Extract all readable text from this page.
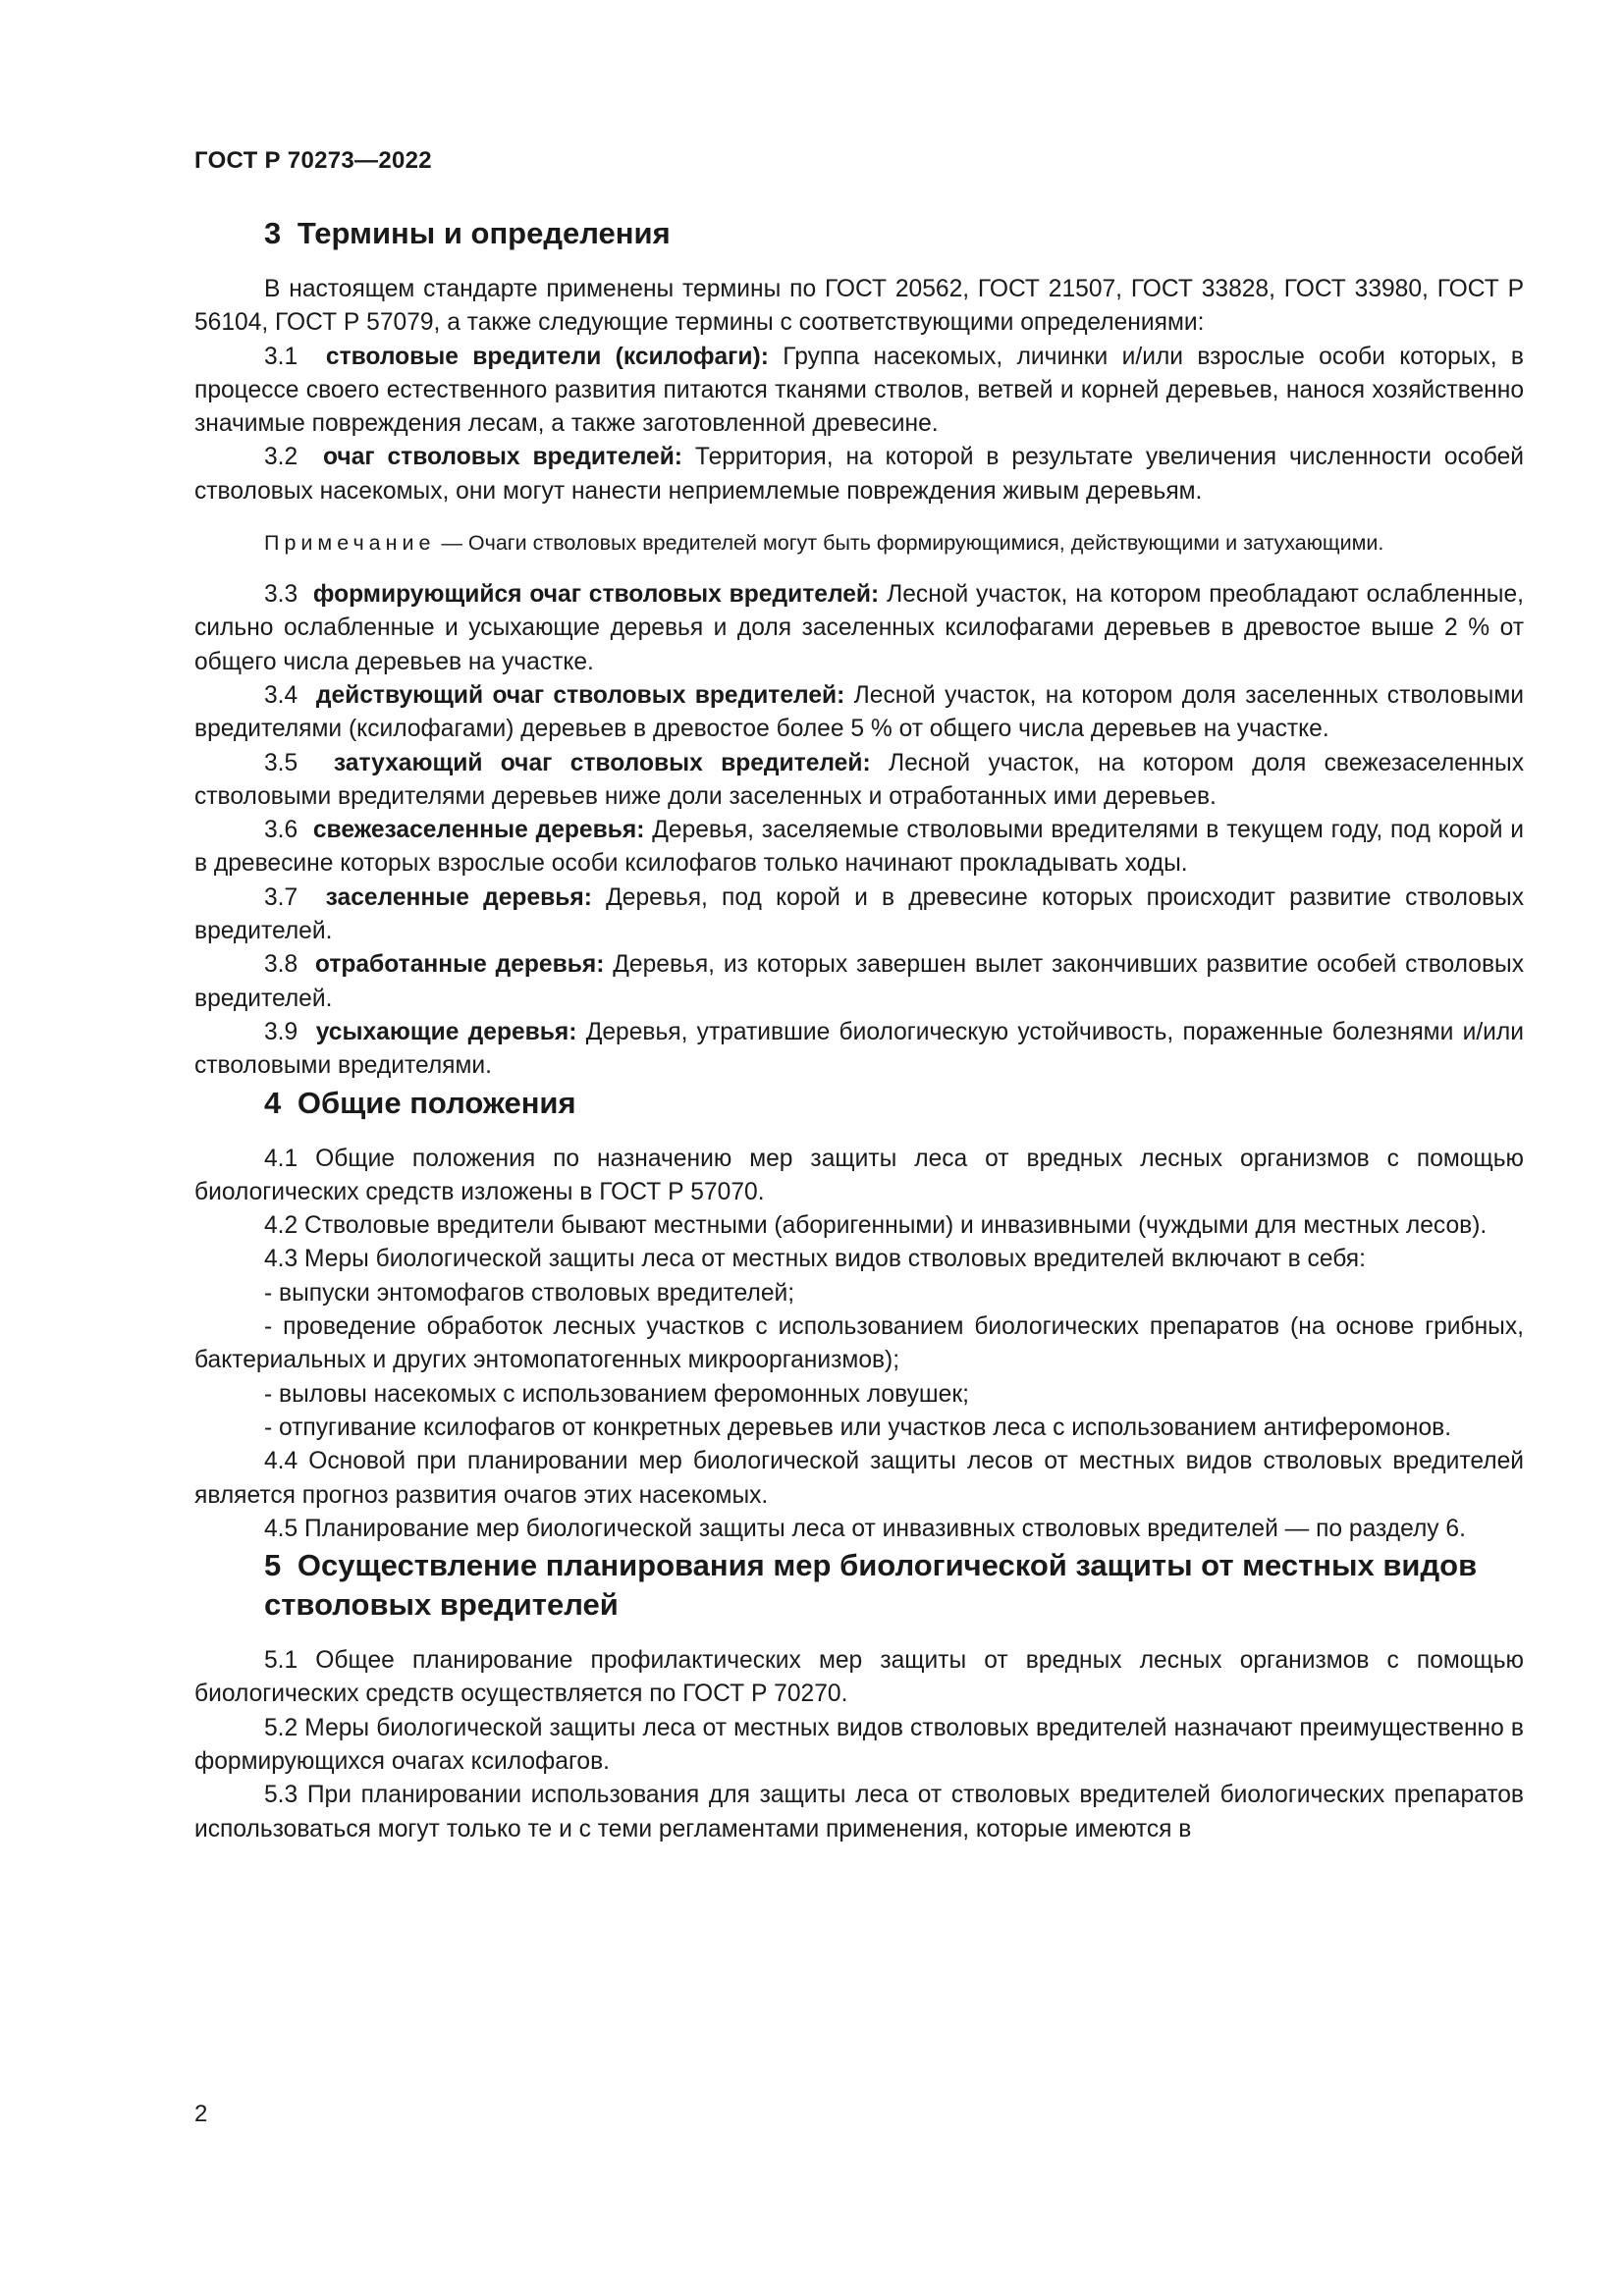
ГОСТ Р 70273—2022
3 Термины и определения

В настоящем стандарте применены термины по ГОСТ 20562, ГОСТ 21507, ГОСТ 33828, ГОСТ 33980, ГОСТ Р 56104, ГОСТ Р 57079, а также следующие термины с соответствующими определениями:

3.1 стволовые вредители (ксилофаги): Группа насекомых, личинки и/или взрослые особи которых, в процессе своего естественного развития питаются тканями стволов, ветвей и корней деревьев, нанося хозяйственно значимые повреждения лесам, а также заготовленной древесине.

3.2 очаг стволовых вредителей: Территория, на которой в результате увеличения численности особей стволовых насекомых, они могут нанести неприемлемые повреждения живым деревьям.

Примечание — Очаги стволовых вредителей могут быть формирующимися, действующими и затухающими.

3.3 формирующийся очаг стволовых вредителей: Лесной участок, на котором преобладают ослабленные, сильно ослабленные и усыхающие деревья и доля заселенных ксилофагами деревьев в древостое выше 2 % от общего числа деревьев на участке.

3.4 действующий очаг стволовых вредителей: Лесной участок, на котором доля заселенных стволовыми вредителями (ксилофагами) деревьев в древостое более 5 % от общего числа деревьев на участке.

3.5 затухающий очаг стволовых вредителей: Лесной участок, на котором доля свежезаселенных стволовыми вредителями деревьев ниже доли заселенных и отработанных ими деревьев.

3.6 свежезаселенные деревья: Деревья, заселяемые стволовыми вредителями в текущем году, под корой и в древесине которых взрослые особи ксилофагов только начинают прокладывать ходы.

3.7 заселенные деревья: Деревья, под корой и в древесине которых происходит развитие стволовых вредителей.

3.8 отработанные деревья: Деревья, из которых завершен вылет закончивших развитие особей стволовых вредителей.

3.9 усыхающие деревья: Деревья, утратившие биологическую устойчивость, пораженные болезнями и/или стволовыми вредителями.

4 Общие положения

4.1 Общие положения по назначению мер защиты леса от вредных лесных организмов с помощью биологических средств изложены в ГОСТ Р 57070.

4.2 Стволовые вредители бывают местными (аборигенными) и инвазивными (чуждыми для местных лесов).

4.3 Меры биологической защиты леса от местных видов стволовых вредителей включают в себя:

- выпуски энтомофагов стволовых вредителей;

- проведение обработок лесных участков с использованием биологических препаратов (на основе грибных, бактериальных и других энтомопатогенных микроорганизмов);

- выловы насекомых с использованием феромонных ловушек;

- отпугивание ксилофагов от конкретных деревьев или участков леса с использованием антиферомонов.

4.4 Основой при планировании мер биологической защиты лесов от местных видов стволовых вредителей является прогноз развития очагов этих насекомых.

4.5 Планирование мер биологической защиты леса от инвазивных стволовых вредителей — по разделу 6.

5 Осуществление планирования мер биологической защиты от местных видов стволовых вредителей

5.1 Общее планирование профилактических мер защиты от вредных лесных организмов с помощью биологических средств осуществляется по ГОСТ Р 70270.

5.2 Меры биологической защиты леса от местных видов стволовых вредителей назначают преимущественно в формирующихся очагах ксилофагов.

5.3 При планировании использования для защиты леса от стволовых вредителей биологических препаратов использоваться могут только те и с теми регламентами применения, которые имеются в

2
